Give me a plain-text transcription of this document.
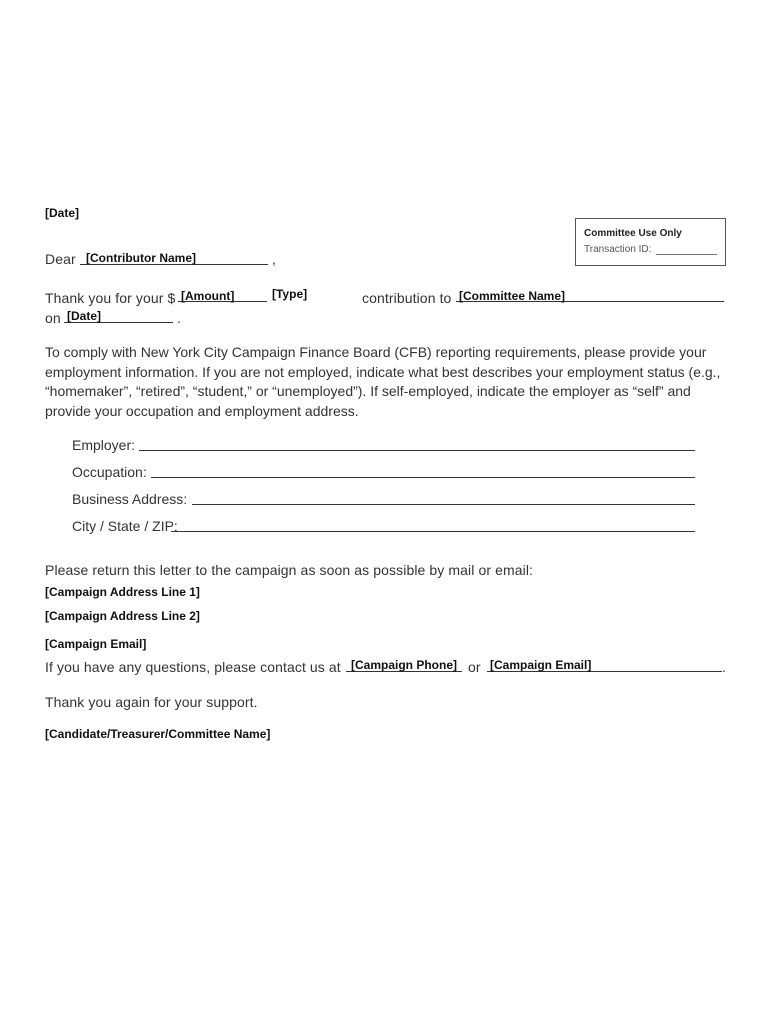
[Date]
Committee Use Only
Transaction ID:
Dear [Contributor Name]	,
Thank you for your $ [Amount]	[Type]	contribution to [Committee Name]
on [Date]	.
To comply with New York City Campaign Finance Board (CFB) reporting requirements, please provide your employment information. If you are not employed, indicate what best describes your employment status (e.g., “homemaker”, “retired”, “student,” or “unemployed”). If self-employed, indicate the employer as “self” and provide your occupation and employment address.
Employer:
Occupation:
Business Address:
City / State / ZIP:
Please return this letter to the campaign as soon as possible by mail or email:
[Campaign Address Line 1]
[Campaign Address Line 2]
[Campaign Email]
If you have any questions, please contact us at [Campaign Phone] or [Campaign Email]	.
Thank you again for your support.
[Candidate/Treasurer/Committee Name]
